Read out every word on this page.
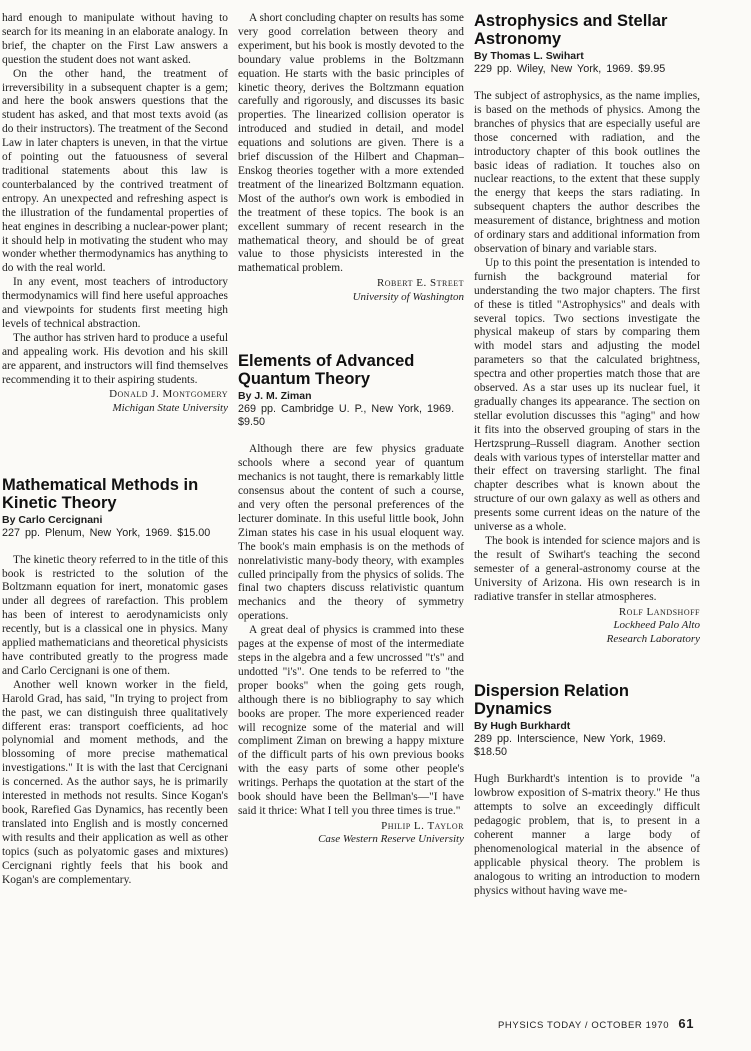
hard enough to manipulate without having to search for its meaning in an elaborate analogy. In brief, the chapter on the First Law answers a question the student does not want asked.

On the other hand, the treatment of irreversibility in a subsequent chapter is a gem; and here the book answers questions that the student has asked, and that most texts avoid (as do their instructors). The treatment of the Second Law in later chapters is uneven, in that the virtue of pointing out the fatuousness of several traditional statements about this law is counterbalanced by the contrived treatment of entropy. An unexpected and refreshing aspect is the illustration of the fundamental properties of heat engines in describing a nuclear-power plant; it should help in motivating the student who may wonder whether thermodynamics has anything to do with the real world.

In any event, most teachers of introductory thermodynamics will find here useful approaches and viewpoints for students first meeting high levels of technical abstraction.

The author has striven hard to produce a useful and appealing work. His devotion and his skill are apparent, and instructors will find themselves recommending it to their aspiring students.

Donald J. Montgomery
Michigan State University
Mathematical Methods in Kinetic Theory
By Carlo Cercignani
227 pp. Plenum, New York, 1969. $15.00

The kinetic theory referred to in the title of this book is restricted to the solution of the Boltzmann equation for inert, monatomic gases under all degrees of rarefaction. This problem has been of interest to aerodynamicists only recently, but is a classical one in physics. Many applied mathematicians and theoretical physicists have contributed greatly to the progress made and Carlo Cercignani is one of them.

Another well known worker in the field, Harold Grad, has said, "In trying to project from the past, we can distinguish three qualitatively different eras: transport coefficients, ad hoc polynomial and moment methods, and the blossoming of more precise mathematical investigations." It is with the last that Cercignani is concerned. As the author says, he is primarily interested in methods not results. Since Kogan's book, Rarefied Gas Dynamics, has recently been translated into English and is mostly concerned with results and their application as well as other topics (such as polyatomic gases and mixtures) Cercignani rightly feels that his book and Kogan's are complementary.

A short concluding chapter on results has some very good correlation between theory and experiment, but his book is mostly devoted to the boundary value problems in the Boltzmann equation. He starts with the basic principles of kinetic theory, derives the Boltzmann equation carefully and rigorously, and discusses its basic properties. The linearized collision operator is introduced and studied in detail, and model equations and solutions are given. There is a brief discussion of the Hilbert and Chapman–Enskog theories together with a more extended treatment of the linearized Boltzmann equation. Most of the author's own work is embodied in the treatment of these topics. The book is an excellent summary of recent research in the mathematical theory, and should be of great value to those physicists interested in the mathematical problem.

Robert E. Street
University of Washington
Elements of Advanced Quantum Theory
By J. M. Ziman
269 pp. Cambridge U. P., New York, 1969. $9.50

Although there are few physics graduate schools where a second year of quantum mechanics is not taught, there is remarkably little consensus about the content of such a course, and very often the personal preferences of the lecturer dominate. In this useful little book, John Ziman states his case in his usual eloquent way. The book's main emphasis is on the methods of nonrelativistic many-body theory, with examples culled principally from the physics of solids. The final two chapters discuss relativistic quantum mechanics and the theory of symmetry operations.

A great deal of physics is crammed into these pages at the expense of most of the intermediate steps in the algebra and a few uncrossed "t's" and undotted "i's". One tends to be referred to "the proper books" when the going gets rough, although there is no bibliography to say which books are proper. The more experienced reader will recognize some of the material and will compliment Ziman on brewing a happy mixture of the difficult parts of his own previous books with the easy parts of some other people's writings. Perhaps the quotation at the start of the book should have been the Bellman's—"I have said it thrice: What I tell you three times is true."

Philip L. Taylor
Case Western Reserve University
Astrophysics and Stellar Astronomy
By Thomas L. Swihart
229 pp. Wiley, New York, 1969. $9.95

The subject of astrophysics, as the name implies, is based on the methods of physics. Among the branches of physics that are especially useful are those concerned with radiation, and the introductory chapter of this book outlines the basic ideas of radiation. It touches also on nuclear reactions, to the extent that these supply the energy that keeps the stars radiating. In subsequent chapters the author describes the measurement of distance, brightness and motion of ordinary stars and additional information from observation of binary and variable stars.

Up to this point the presentation is intended to furnish the background material for understanding the two major chapters. The first of these is titled "Astrophysics" and deals with several topics. Two sections investigate the physical makeup of stars by comparing them with model stars and adjusting the model parameters so that the calculated brightness, spectra and other properties match those that are observed. As a star uses up its nuclear fuel, it gradually changes its appearance. The section on stellar evolution discusses this "aging" and how it fits into the observed grouping of stars in the Hertzsprung–Russell diagram. Another section deals with various types of interstellar matter and their effect on traversing starlight. The final chapter describes what is known about the structure of our own galaxy as well as others and presents some current ideas on the nature of the universe as a whole.

The book is intended for science majors and is the result of Swihart's teaching the second semester of a general-astronomy course at the University of Arizona. His own research is in radiative transfer in stellar atmospheres.

Rolf Landshoff
Lockheed Palo Alto
Research Laboratory
Dispersion Relation Dynamics
By Hugh Burkhardt
289 pp. Interscience, New York, 1969. $18.50

Hugh Burkhardt's intention is to provide "a lowbrow exposition of S-matrix theory." He thus attempts to solve an exceedingly difficult pedagogic problem, that is, to present in a coherent manner a large body of phenomenological material in the absence of applicable physical theory. The problem is analogous to writing an introduction to modern physics without having wave me-

PHYSICS TODAY / OCTOBER 1970 61
